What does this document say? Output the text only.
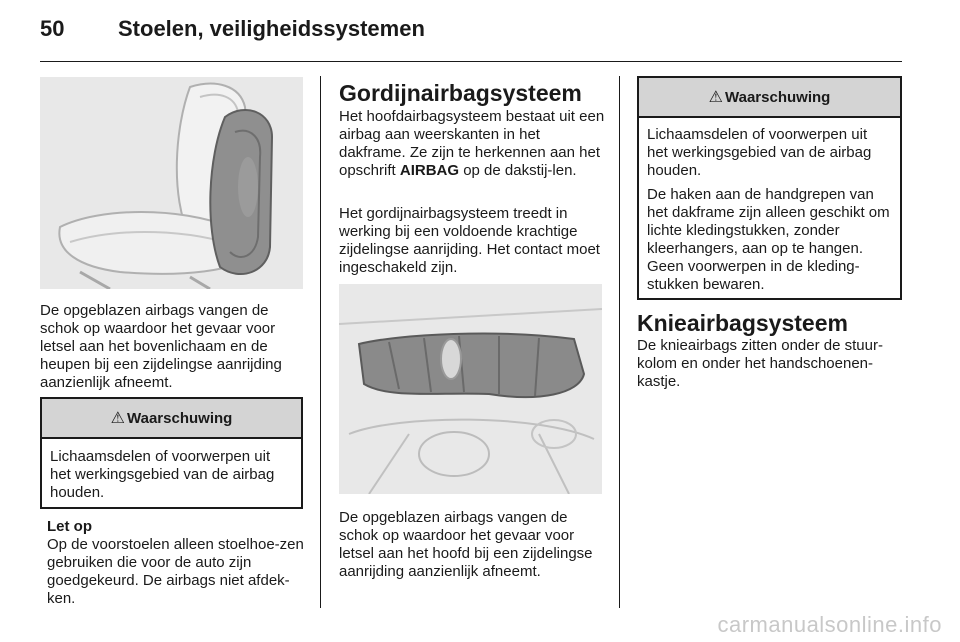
50 Stoelen, veiligheidssystemen

De opgeblazen airbags vangen de schok op waardoor het gevaar voor letsel aan het bovenlichaam en de heupen bij een zijdelingse aanrijding aanzienlijk afneemt.

⚠ Waarschuwing

Lichaamsdelen of voorwerpen uit het werkingsgebied van de airbag houden.

Let op

Op de voorstoelen alleen stoelhoe-zen gebruiken die voor de auto zijn goedgekeurd. De airbags niet afdek-ken.

Gordijnairbagsysteem

Het hoofdairbagsysteem bestaat uit een airbag aan weerskanten in het dakframe. Ze zijn te herkennen aan het opschrift AIRBAG op de dakstij-len.

Het gordijnairbagsysteem treedt in werking bij een voldoende krachtige zijdelingse aanrijding. Het contact moet ingeschakeld zijn.

De opgeblazen airbags vangen de schok op waardoor het gevaar voor letsel aan het hoofd bij een zijdelingse aanrijding aanzienlijk afneemt.

⚠ Waarschuwing

Lichaamsdelen of voorwerpen uit het werkingsgebied van de airbag houden.

De haken aan de handgrepen van het dakframe zijn alleen geschikt om lichte kledingstukken, zonder kleerhangers, aan op te hangen. Geen voorwerpen in de kleding-stukken bewaren.

Knieairbagsysteem

De knieairbags zitten onder de stuur-kolom en onder het handschoenen-kastje.

carmanualsonline.info
